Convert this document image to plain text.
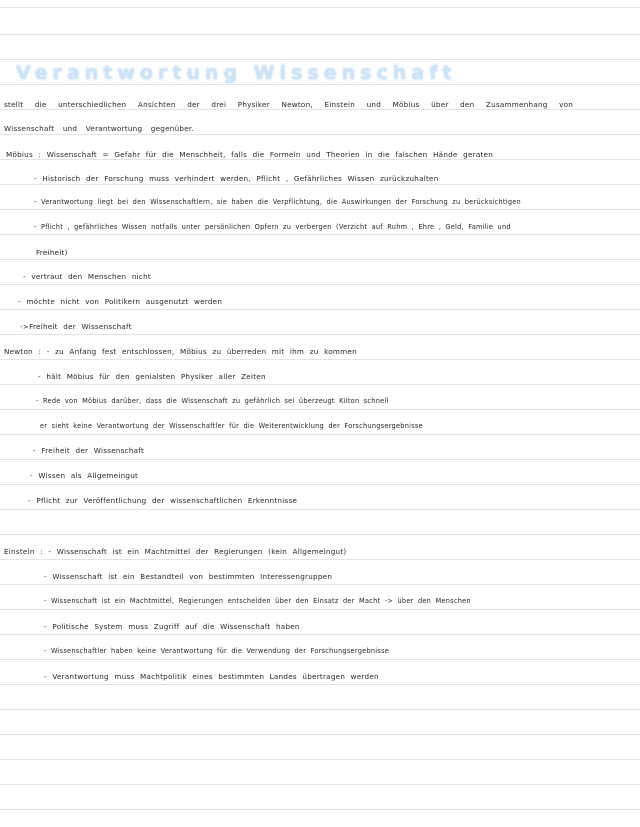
Verantwortung Wissenschaft
stellt die unterschiedlichen Ansichten der drei Physiker Newton, Einstein und Möbius über den Zusammenhang von
Wissenschaft und Verantwortung gegenüber.
Möbius : Wissenschaft = Gefahr für die Menschheit, falls die Formeln und Theorien in die falschen Hände geraten
- Historisch der Forschung muss verhindert werden, Pflicht , Gefährliches Wissen zurückzuhalten
- Verantwortung liegt bei den Wissenschaftlern, sie haben die Verpflichtung, die Auswirkungen der Forschung zu berücksichtigen
- Pflicht , gefährliches Wissen notfalls unter persönlichen Opfern zu verbergen (Verzicht auf Ruhm , Ehre , Geld, Familie und
Freiheit)
- vertraut den Menschen nicht
- möchte nicht von Politikern ausgenutzt werden
->Freiheit der Wissenschaft
Newton : - zu Anfang fest entschlossen, Möbius zu überreden mit ihm zu kommen
- hält Möbius für den genialsten Physiker aller Zeiten
- Rede von Möbius darüber, dass die Wissenschaft zu gefährlich sei überzeugt Kilton schnell
er sieht keine Verantwortung der Wissenschaftler für die Weiterentwicklung der Forschungsergebnisse
- Freiheit der Wissenschaft
- Wissen als Allgemeingut
- Pflicht zur Veröffentlichung der wissenschaftlichen Erkenntnisse
Einstein : - Wissenschaft ist ein Machtmittel der Regierungen (kein Allgemeingut)
- Wissenschaft ist ein Bestandteil von bestimmten Interessengruppen
- Wissenschaft ist ein Machtmittel, Regierungen entscheiden über den Einsatz der Macht -> über den Menschen
- Politische System muss Zugriff auf die Wissenschaft haben
- Wissenschaftler haben keine Verantwortung für die Verwendung der Forschungsergebnisse
- Verantwortung muss Machtpolitik eines bestimmten Landes übertragen werden
